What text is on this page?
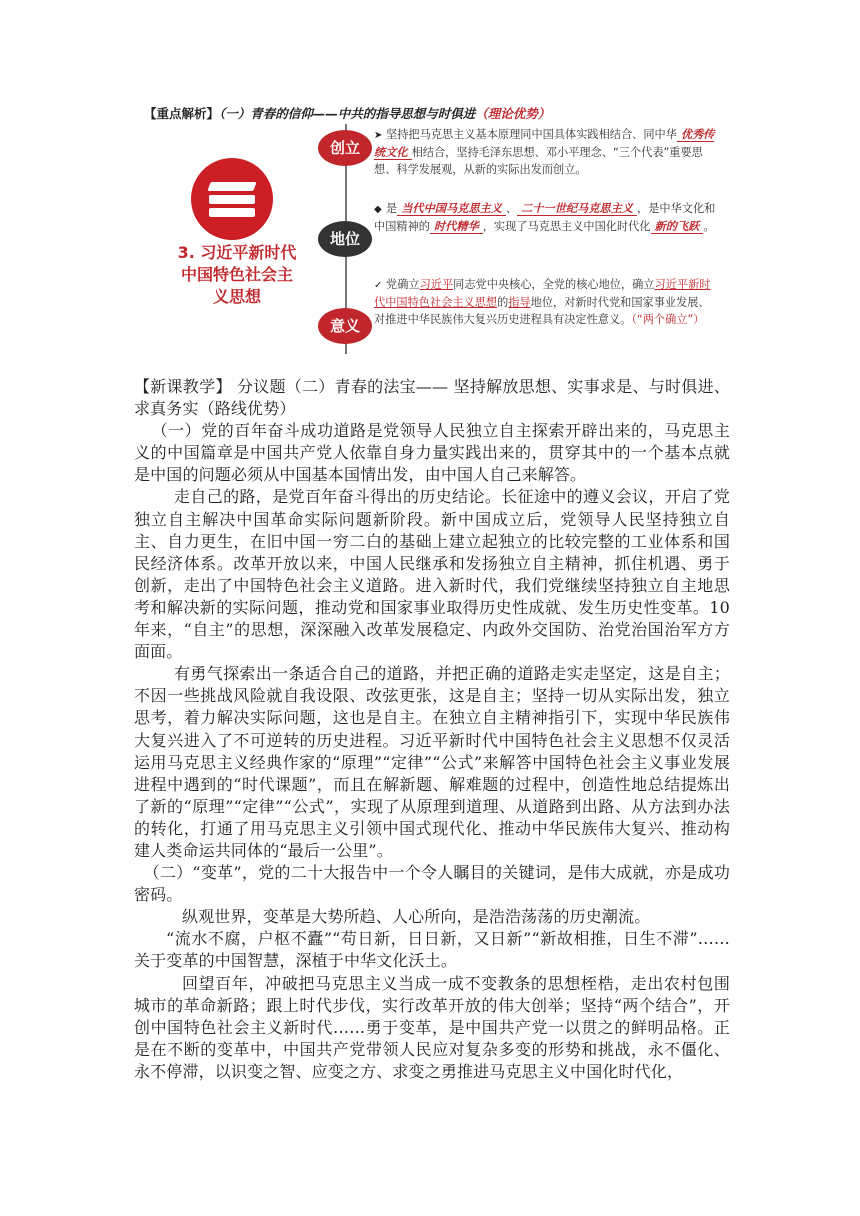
【重点解析】（一）青春的信仰——中共的指导思想与时俱进（理论优势）
3. 习近平新时代
中国特色社会主
义思想
创立
地位
意义
➤ 坚持把马克思主义基本原理同中国具体实践相结合、同中华 优秀传统文化 相结合，坚持毛泽东思想、邓小平理念、“三个代表”重要思想、科学发展观，从新的实际出发而创立。
◆ 是 当代中国马克思主义 、 二十一世纪马克思主义 ，是中华文化和中国精神的 时代精华 ，实现了马克思主义中国化时代化 新的飞跃 。
✓ 党确立习近平同志党中央核心，全党的核心地位，确立习近平新时代中国特色社会主义思想的指导地位，对新时代党和国家事业发展、对推进中华民族伟大复兴历史进程具有决定性意义。（“两个确立”）

【新课教学】 分议题（二）青春的法宝—— 坚持解放思想、实事求是、与时俱进、求真务实（路线优势）

（一）党的百年奋斗成功道路是党领导人民独立自主探索开辟出来的，马克思主义的中国篇章是中国共产党人依靠自身力量实践出来的，贯穿其中的一个基本点就是中国的问题必须从中国基本国情出发，由中国人自己来解答。

走自己的路，是党百年奋斗得出的历史结论。长征途中的遵义会议，开启了党独立自主解决中国革命实际问题新阶段。新中国成立后，党领导人民坚持独立自主、自力更生，在旧中国一穷二白的基础上建立起独立的比较完整的工业体系和国民经济体系。改革开放以来，中国人民继承和发扬独立自主精神，抓住机遇、勇于创新，走出了中国特色社会主义道路。进入新时代，我们党继续坚持独立自主地思考和解决新的实际问题，推动党和国家事业取得历史性成就、发生历史性变革。10年来，“自主”的思想，深深融入改革发展稳定、内政外交国防、治党治国治军方方面面。

有勇气探索出一条适合自己的道路，并把正确的道路走实走坚定，这是自主；不因一些挑战风险就自我设限、改弦更张，这是自主；坚持一切从实际出发，独立思考，着力解决实际问题，这也是自主。在独立自主精神指引下，实现中华民族伟大复兴进入了不可逆转的历史进程。习近平新时代中国特色社会主义思想不仅灵活运用马克思主义经典作家的“原理”“定律”“公式”来解答中国特色社会主义事业发展进程中遇到的“时代课题”，而且在解新题、解难题的过程中，创造性地总结提炼出了新的“原理”“定律”“公式”，实现了从原理到道理、从道路到出路、从方法到办法的转化，打通了用马克思主义引领中国式现代化、推动中华民族伟大复兴、推动构建人类命运共同体的“最后一公里”。

（二）“变革”，党的二十大报告中一个令人瞩目的关键词，是伟大成就，亦是成功密码。

纵观世界，变革是大势所趋、人心所向，是浩浩荡荡的历史潮流。

“流水不腐，户枢不蠹”“苟日新，日日新，又日新”“新故相推，日生不滞”……关于变革的中国智慧，深植于中华文化沃土。

回望百年，冲破把马克思主义当成一成不变教条的思想桎梏，走出农村包围城市的革命新路；跟上时代步伐，实行改革开放的伟大创举；坚持“两个结合”，开创中国特色社会主义新时代……勇于变革，是中国共产党一以贯之的鲜明品格。正是在不断的变革中，中国共产党带领人民应对复杂多变的形势和挑战，永不僵化、永不停滞，以识变之智、应变之方、求变之勇推进马克思主义中国化时代化，
